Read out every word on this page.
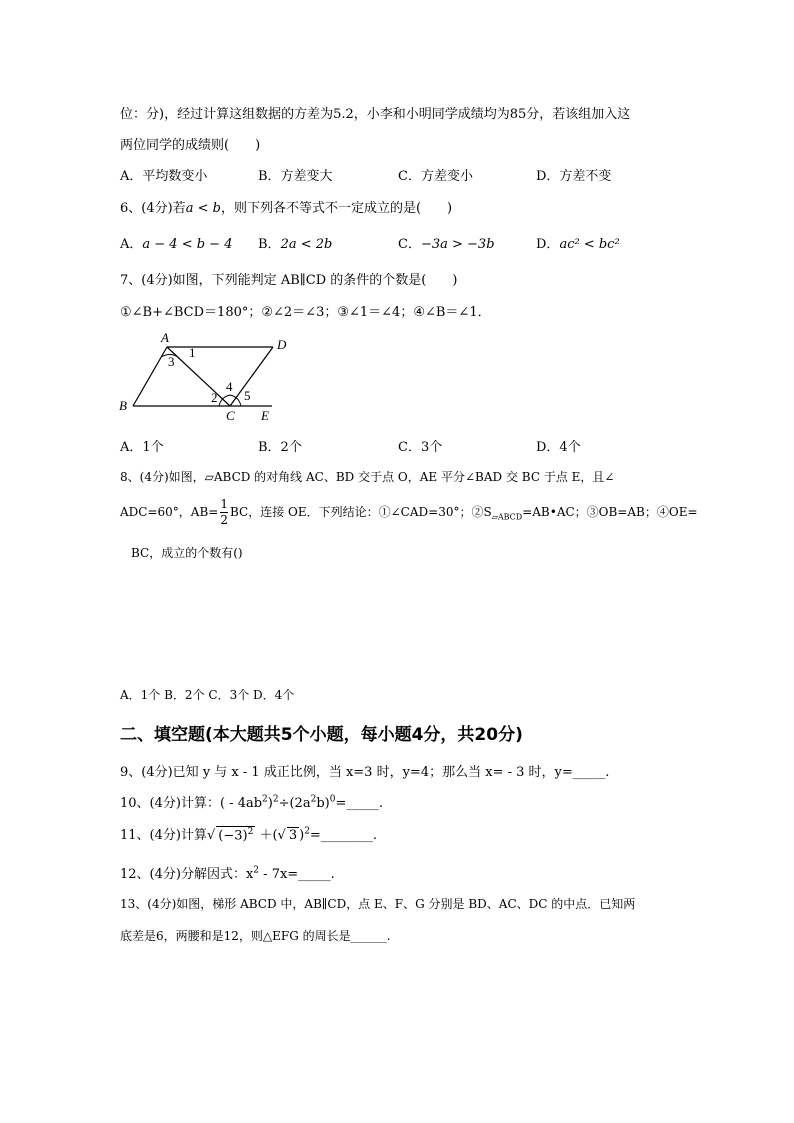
位：分)，经过计算这组数据的方差为5.2，小李和小明同学成绩均为85分，若该组加入这
两位同学的成绩则(　　)
A．平均数变小	B．方差变大	C．方差变小	D．方差不变
6、(4分)若a < b，则下列各不等式不一定成立的是(　　)
A．a − 4 < b − 4 B．2a < 2b	C．−3a > −3b	D．ac² < bc²
7、(4分)如图，下列能判定 AB∥CD 的条件的个数是(　　)
①∠B+∠BCD＝180°；②∠2＝∠3；③∠1＝∠4；④∠B＝∠1．
A	D
B
C E
1
2
3
4
5
A．1个	B．2个	C．3个	D．4个
8、(4分)如图，▱ABCD 的对角线 AC、BD 交于点 O，AE 平分∠BAD 交 BC 于点 E，且∠
ADC=60°，$AB= \frac{1}{2}$ BC，连接 OE．下列结论：①∠CAD=30°；$②S_{▱ABCD}=AB•AC$；③OB=AB；④OE=
BC，成立的个数有()
A．1个 B．2个 C．3个 D．4个
二、填空题(本大题共5个小题，每小题4分，共20分)
9、(4分)已知 y 与 x - 1 成正比例，当 x=3 时，y=4；那么当 x= - 3 时，y=_____.
10、(4分)计算：( - $4ab^2)^2\div(2a^2b)^0=\_\_\_\_\_$.
11、(4分)计算√ $(-3)^2$ ＋(√ 3 )$^2$=________.
12、(4分)分解因式：$x^2$ - 7x=_____.
13、(4分)如图，梯形 ABCD 中，AB∥CD，点 E、F、G 分别是 BD、AC、DC 的中点．已知两
底差是6，两腰和是12，则△EFG 的周长是______.
